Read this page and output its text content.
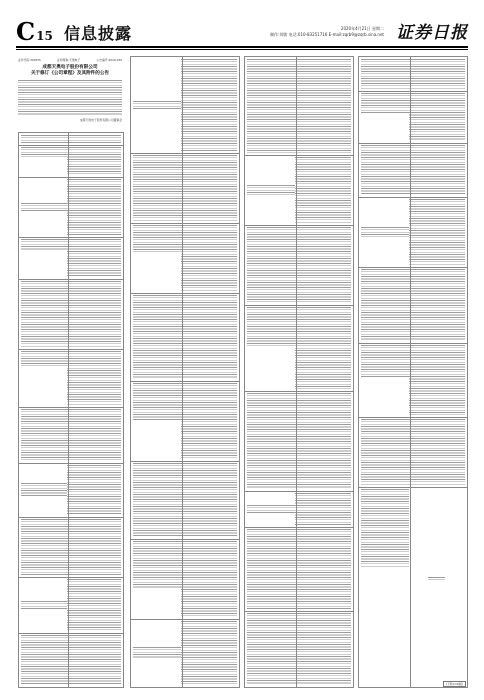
C 15 信息披露	2020年4月21日 星期二
制作:刘敏 电话:010-83251716 E-mail:zqrb9@zqrb.sina.net 证券日报
证券代码:300535	证券简称:天奥电子	公告编号:2020-030
成都天奥电子股份有限公司
关于修订《公司章程》及其附件的公告
成都天奥电子股份有限公司董事会
(下转C16版)
